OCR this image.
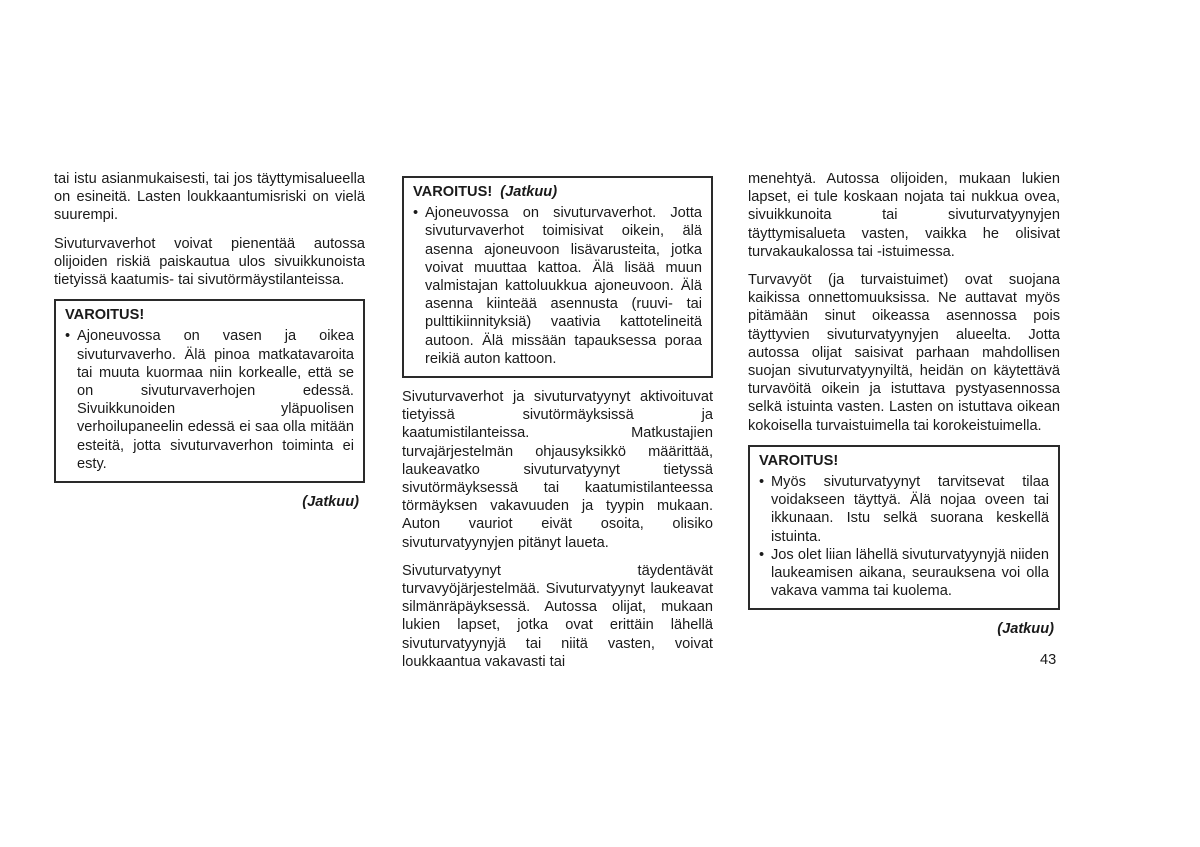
tai istu asianmukaisesti, tai jos täyttymisalueella on esineitä. Lasten loukkaantumisriski on vielä suurempi.

Sivuturvaverhot voivat pienentää autossa olijoiden riskiä paiskautua ulos sivuikkunoista tietyissä kaatumis- tai sivutörmäystilanteissa.

VAROITUS!
• Ajoneuvossa on vasen ja oikea sivuturvaverho. Älä pinoa matkatavaroita tai muuta kuormaa niin korkealle, että se on sivuturvaverhojen edessä. Sivuikkunoiden yläpuolisen verhoilupaneelin edessä ei saa olla mitään esteitä, jotta sivuturvaverhon toiminta ei esty.
(Jatkuu)
VAROITUS! (Jatkuu)
• Ajoneuvossa on sivuturvaverhot. Jotta sivuturvaverhot toimisivat oikein, älä asenna ajoneuvoon lisävarusteita, jotka voivat muuttaa kattoa. Älä lisää muun valmistajan kattoluukkua ajoneuvoon. Älä asenna kiinteää asennusta (ruuvi- tai pulttikiinnityksiä) vaativia kattotelineitä autoon. Älä missään tapauksessa poraa reikiä auton kattoon.

Sivuturvaverhot ja sivuturvatyynyt aktivoituvat tietyissä sivutörmäyksissä ja kaatumistilanteissa. Matkustajien turvajärjestelmän ohjausyksikkö määrittää, laukeavatko sivuturvatyynyt tietyssä sivutörmäyksessä tai kaatumistilanteessa törmäyksen vakavuuden ja tyypin mukaan. Auton vauriot eivät osoita, olisiko sivuturvatyynyjen pitänyt laueta.

Sivuturvatyynyt täydentävät turvavyöjärjestelmää. Sivuturvatyynyt laukeavat silmänräpäyksessä. Autossa olijat, mukaan lukien lapset, jotka ovat erittäin lähellä sivuturvatyynyjä tai niitä vasten, voivat loukkaantua vakavasti tai

menehtyä. Autossa olijoiden, mukaan lukien lapset, ei tule koskaan nojata tai nukkua ovea, sivuikkunoita tai sivuturvatyynyjen täyttymisalueta vasten, vaikka he olisivat turvakaukalossa tai -istuimessa.

Turvavyöt (ja turvaistuimet) ovat suojana kaikissa onnettomuuksissa. Ne auttavat myös pitämään sinut oikeassa asennossa pois täyttyvien sivuturvatyynyjen alueelta. Jotta autossa olijat saisivat parhaan mahdollisen suojan sivuturvatyynyiltä, heidän on käytettävä turvavöitä oikein ja istuttava pystyasennossa selkä istuinta vasten. Lasten on istuttava oikean kokoisella turvaistuimella tai korokeistuimella.

VAROITUS!
• Myös sivuturvatyynyt tarvitsevat tilaa voidakseen täyttyä. Älä nojaa oveen tai ikkunaan. Istu selkä suorana keskellä istuinta.
• Jos olet liian lähellä sivuturvatyynyjä niiden laukeamisen aikana, seurauksena voi olla vakava vamma tai kuolema.
(Jatkuu)
43
